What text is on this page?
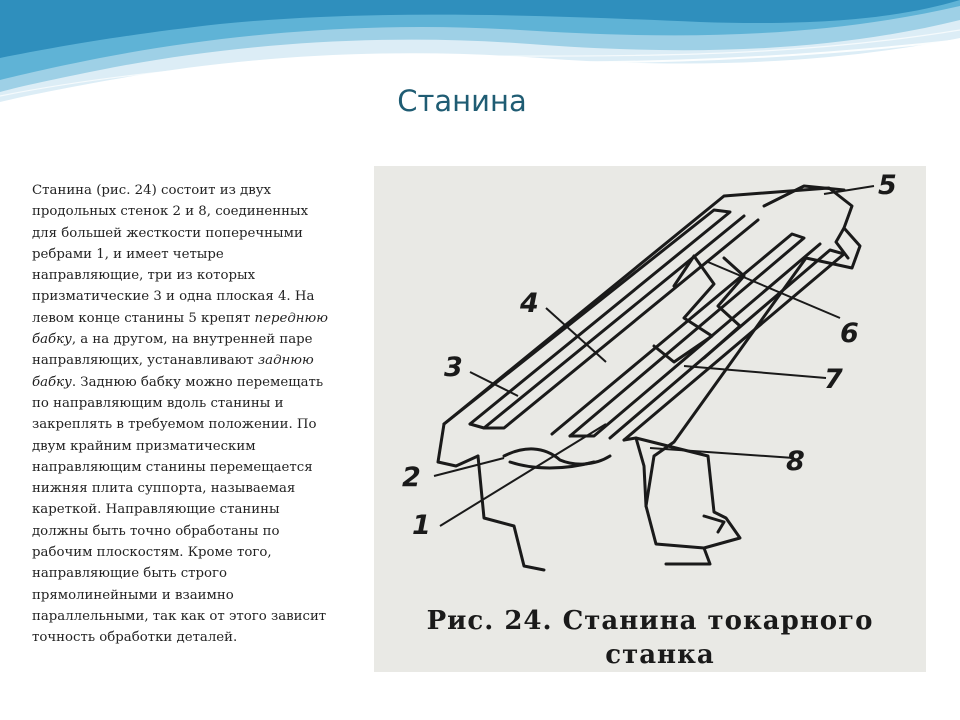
Станина
Станина (рис. 24) состоит из двух
продольных стенок 2 и 8, соединенных
для большей жесткости поперечными
ребрами 1, и имеет четыре
направляющие, три из которых
призматические 3 и одна плоская 4. На
левом конце станины 5 крепят переднюю
бабку, а на другом, на внутренней паре
направляющих, устанавливают заднюю
бабку. Заднюю бабку можно перемещать
по направляющим вдоль станины и
закреплять в требуемом положении. По
двум крайним призматическим
направляющим станины перемещается
нижняя плита суппорта, называемая
кареткой. Направляющие станины
должны быть точно обработаны по
рабочим плоскостям. Кроме того,
направляющие быть строго
прямолинейными и взаимно
параллельными, так как от этого зависит
точность обработки деталей.
5
4
3
6
7
2
8
1
Рис. 24. Станина токарного
станка
